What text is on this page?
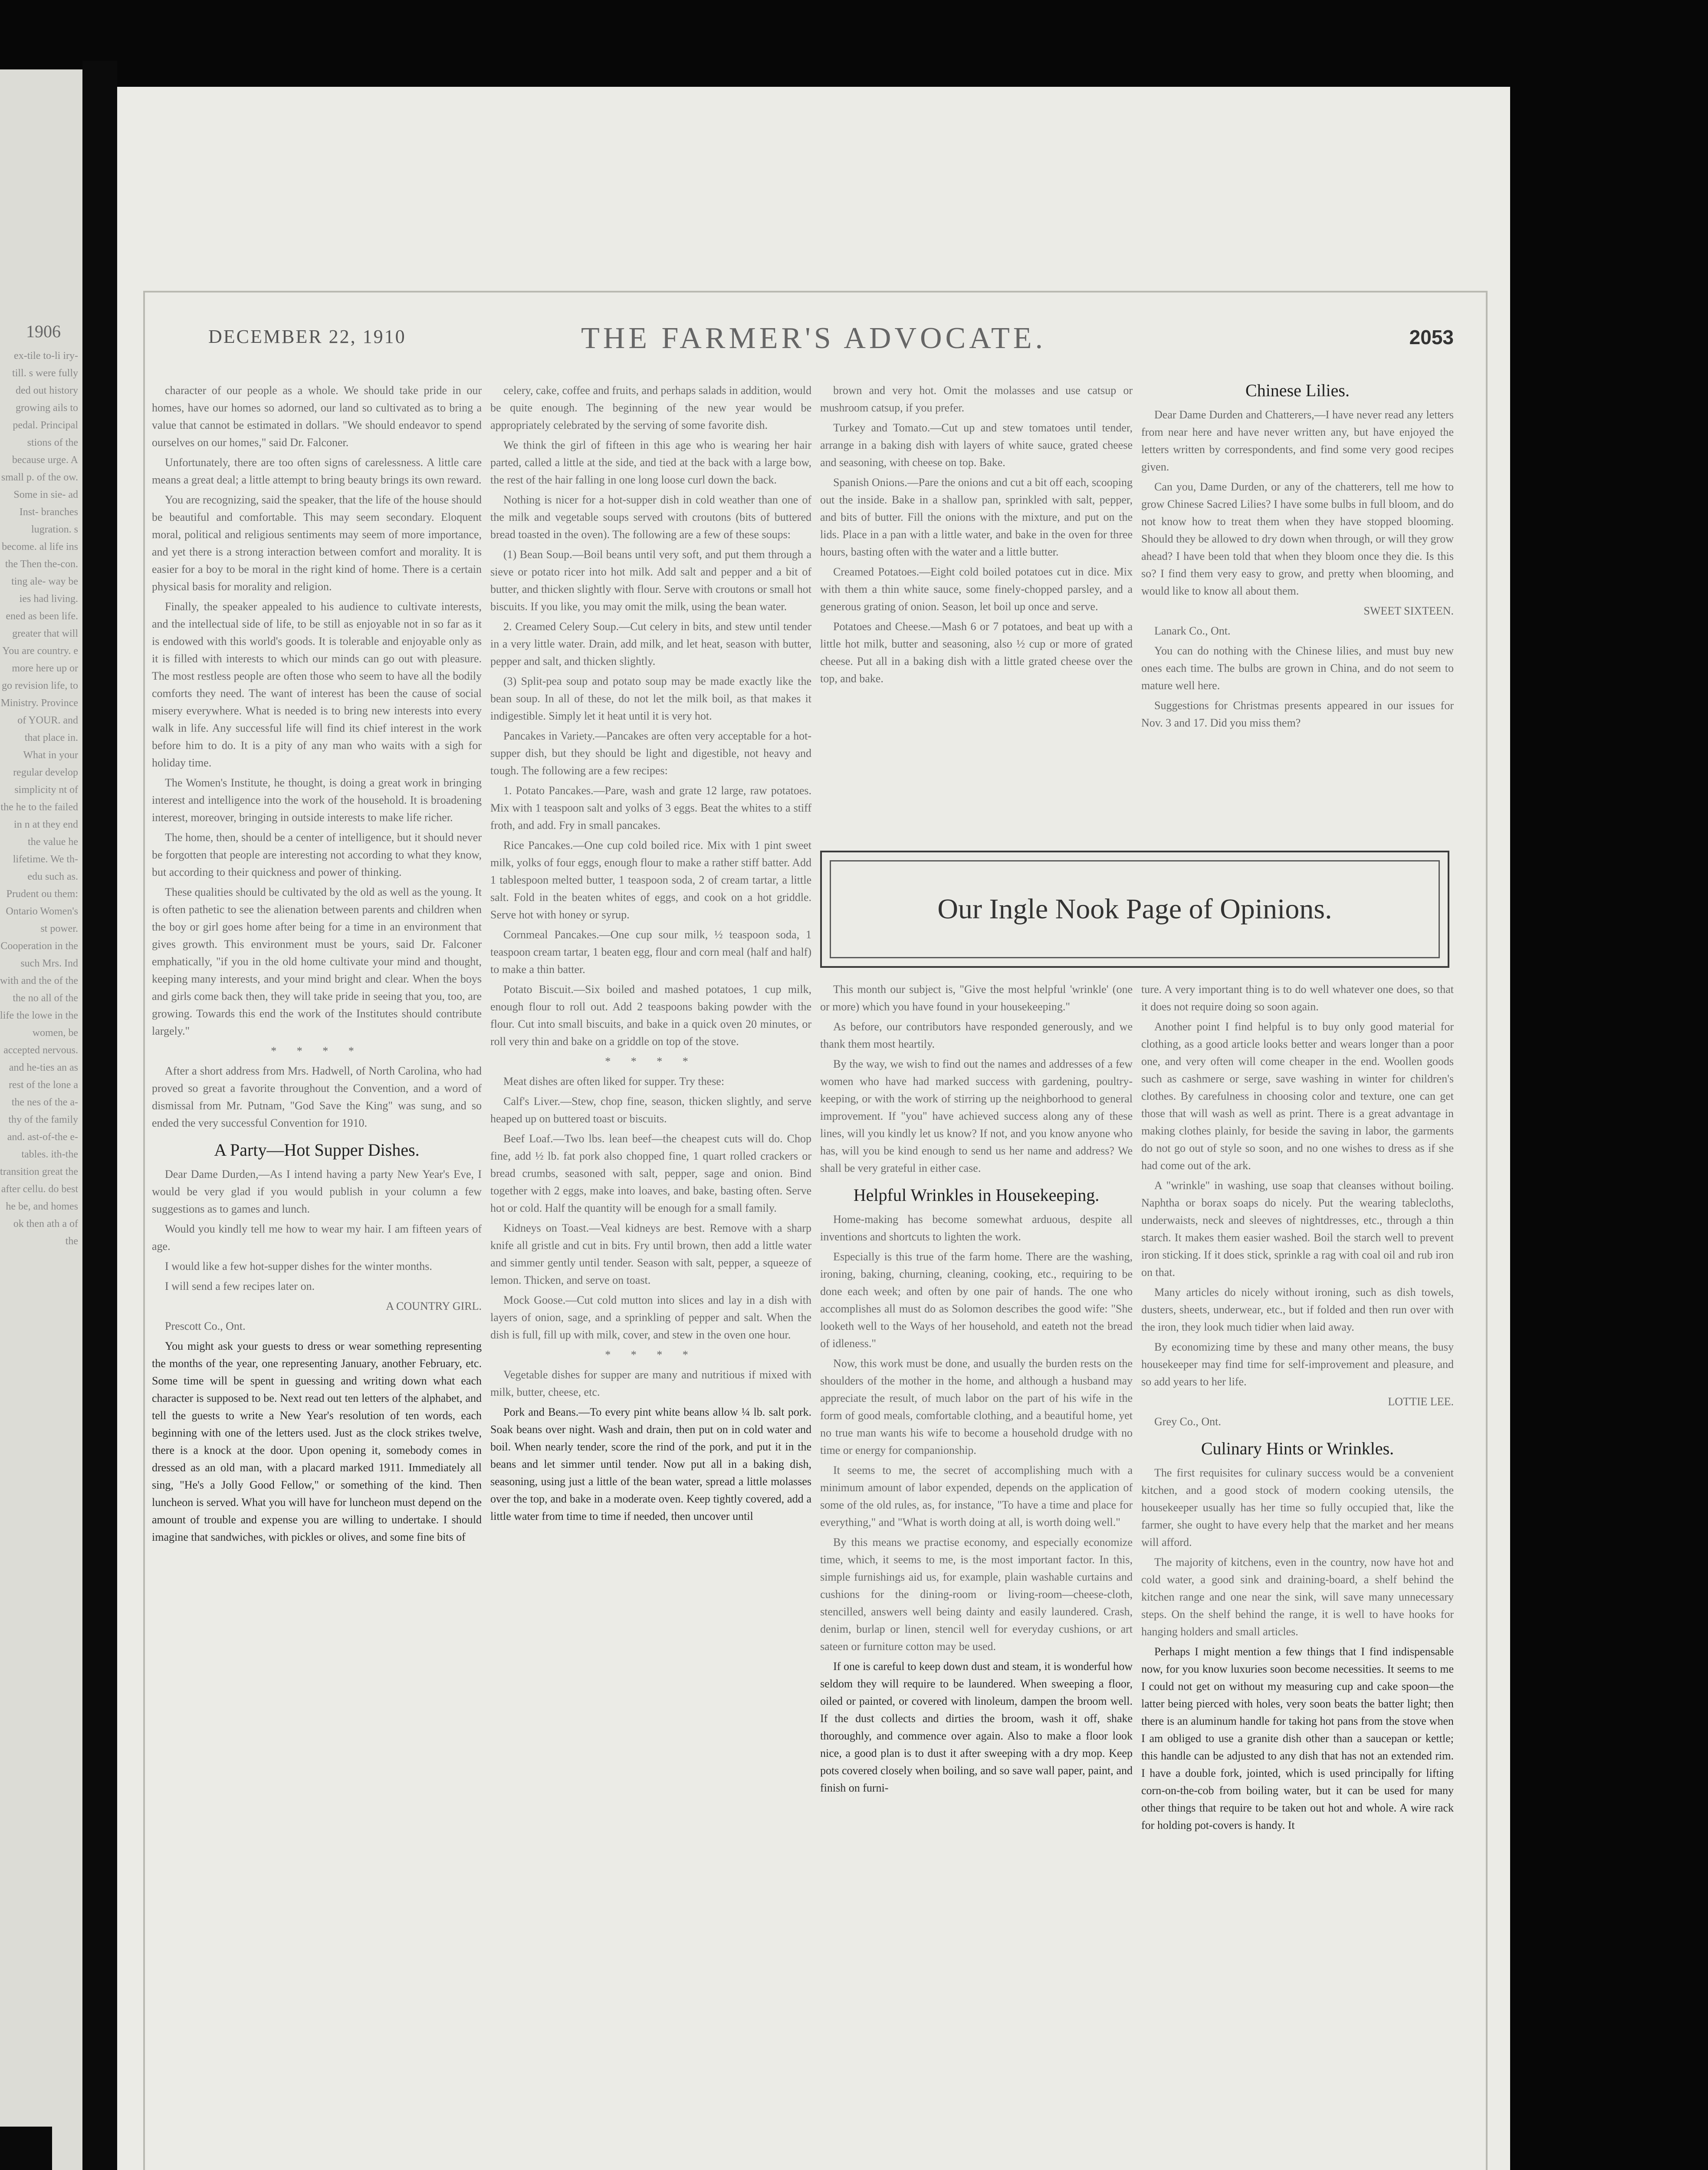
1906
ex-tile to-li iry-till. s were fully ded out history growing ails to pedal. Principal stions of the because urge. A small p. of the ow. Some in sie- ad Inst- branches lugration. s become. al life ins the Then the-con. ting ale- way be ies had living. ened as been life. greater that will You are country. e more here up or go revision life, to Ministry. Province of YOUR. and that place in. What in your regular develop simplicity nt of the he to the failed in n at they end the value he lifetime. We th-edu such as. Prudent ou them: Ontario Women's st power. Cooperation in the such Mrs. Ind with and the of the the no all of the life the lowe in the women, be accepted nervous. and he-ties an as rest of the lone a the nes of the a-thy of the family and. ast-of-the e-tables. ith-the transition great the after cellu. do best he be, and homes ok then ath a of the
DECEMBER 22, 1910	THE FARMER'S ADVOCATE.	2053

character of our people as a whole. We should take pride in our homes, have our homes so adorned, our land so cultivated as to bring a value that cannot be estimated in dollars. "We should endeavor to spend ourselves on our homes," said Dr. Falconer.

Unfortunately, there are too often signs of carelessness. A little care means a great deal; a little attempt to bring beauty brings its own reward.

You are recognizing, said the speaker, that the life of the house should be beautiful and comfortable. This may seem secondary. Eloquent moral, political and religious sentiments may seem of more importance, and yet there is a strong interaction between comfort and morality. It is easier for a boy to be moral in the right kind of home. There is a certain physical basis for morality and religion.

Finally, the speaker appealed to his audience to cultivate interests, and the intellectual side of life, to be still as enjoyable not in so far as it is endowed with this world's goods. It is tolerable and enjoyable only as it is filled with interests to which our minds can go out with pleasure. The most restless people are often those who seem to have all the bodily comforts they need. The want of interest has been the cause of social misery everywhere. What is needed is to bring new interests into every walk in life. Any successful life will find its chief interest in the work before him to do. It is a pity of any man who waits with a sigh for holiday time.

The Women's Institute, he thought, is doing a great work in bringing interest and intelligence into the work of the household. It is broadening interest, moreover, bringing in outside interests to make life richer.

The home, then, should be a center of intelligence, but it should never be forgotten that people are interesting not according to what they know, but according to their quickness and power of thinking.

These qualities should be cultivated by the old as well as the young. It is often pathetic to see the alienation between parents and children when the boy or girl goes home after being for a time in an environment that gives growth. This environment must be yours, said Dr. Falconer emphatically, "if you in the old home cultivate your mind and thought, keeping many interests, and your mind bright and clear. When the boys and girls come back then, they will take pride in seeing that you, too, are growing. Towards this end the work of the Institutes should contribute largely."

* * * *

After a short address from Mrs. Hadwell, of North Carolina, who had proved so great a favorite throughout the Convention, and a word of dismissal from Mr. Putnam, "God Save the King" was sung, and so ended the very successful Convention for 1910.

A Party—Hot Supper Dishes.

Dear Dame Durden,—As I intend having a party New Year's Eve, I would be very glad if you would publish in your column a few suggestions as to games and lunch.

Would you kindly tell me how to wear my hair. I am fifteen years of age.

I would like a few hot-supper dishes for the winter months.

I will send a few recipes later on.

A COUNTRY GIRL.

Prescott Co., Ont.

You might ask your guests to dress or wear something representing the months of the year, one representing January, another February, etc. Some time will be spent in guessing and writing down what each character is supposed to be. Next read out ten letters of the alphabet, and tell the guests to write a New Year's resolution of ten words, each beginning with one of the letters used. Just as the clock strikes twelve, there is a knock at the door. Upon opening it, somebody comes in dressed as an old man, with a placard marked 1911. Immediately all sing, "He's a Jolly Good Fellow," or something of the kind. Then luncheon is served. What you will have for luncheon must depend on the amount of trouble and expense you are willing to undertake. I should imagine that sandwiches, with pickles or olives, and some fine bits of

celery, cake, coffee and fruits, and perhaps salads in addition, would be quite enough. The beginning of the new year would be appropriately celebrated by the serving of some favorite dish.

We think the girl of fifteen in this age who is wearing her hair parted, called a little at the side, and tied at the back with a large bow, the rest of the hair falling in one long loose curl down the back.

Nothing is nicer for a hot-supper dish in cold weather than one of the milk and vegetable soups served with croutons (bits of buttered bread toasted in the oven). The following are a few of these soups:

(1) Bean Soup.—Boil beans until very soft, and put them through a sieve or potato ricer into hot milk. Add salt and pepper and a bit of butter, and thicken slightly with flour. Serve with croutons or small hot biscuits. If you like, you may omit the milk, using the bean water.

2. Creamed Celery Soup.—Cut celery in bits, and stew until tender in a very little water. Drain, add milk, and let heat, season with butter, pepper and salt, and thicken slightly.

(3) Split-pea soup and potato soup may be made exactly like the bean soup. In all of these, do not let the milk boil, as that makes it indigestible. Simply let it heat until it is very hot.

Pancakes in Variety.—Pancakes are often very acceptable for a hot-supper dish, but they should be light and digestible, not heavy and tough. The following are a few recipes:

1. Potato Pancakes.—Pare, wash and grate 12 large, raw potatoes. Mix with 1 teaspoon salt and yolks of 3 eggs. Beat the whites to a stiff froth, and add. Fry in small pancakes.

Rice Pancakes.—One cup cold boiled rice. Mix with 1 pint sweet milk, yolks of four eggs, enough flour to make a rather stiff batter. Add 1 tablespoon melted butter, 1 teaspoon soda, 2 of cream tartar, a little salt. Fold in the beaten whites of eggs, and cook on a hot griddle. Serve hot with honey or syrup.

Cornmeal Pancakes.—One cup sour milk, ½ teaspoon soda, 1 teaspoon cream tartar, 1 beaten egg, flour and corn meal (half and half) to make a thin batter.

Potato Biscuit.—Six boiled and mashed potatoes, 1 cup milk, enough flour to roll out. Add 2 teaspoons baking powder with the flour. Cut into small biscuits, and bake in a quick oven 20 minutes, or roll very thin and bake on a griddle on top of the stove.

* * * *

Meat dishes are often liked for supper. Try these:

Calf's Liver.—Stew, chop fine, season, thicken slightly, and serve heaped up on buttered toast or biscuits.

Beef Loaf.—Two lbs. lean beef—the cheapest cuts will do. Chop fine, add ½ lb. fat pork also chopped fine, 1 quart rolled crackers or bread crumbs, seasoned with salt, pepper, sage and onion. Bind together with 2 eggs, make into loaves, and bake, basting often. Serve hot or cold. Half the quantity will be enough for a small family.

Kidneys on Toast.—Veal kidneys are best. Remove with a sharp knife all gristle and cut in bits. Fry until brown, then add a little water and simmer gently until tender. Season with salt, pepper, a squeeze of lemon. Thicken, and serve on toast.

Mock Goose.—Cut cold mutton into slices and lay in a dish with layers of onion, sage, and a sprinkling of pepper and salt. When the dish is full, fill up with milk, cover, and stew in the oven one hour.

* * * *

Vegetable dishes for supper are many and nutritious if mixed with milk, butter, cheese, etc.

Pork and Beans.—To every pint white beans allow ¼ lb. salt pork. Soak beans over night. Wash and drain, then put on in cold water and boil. When nearly tender, score the rind of the pork, and put it in the beans and let simmer until tender. Now put all in a baking dish, seasoning, using just a little of the bean water, spread a little molasses over the top, and bake in a moderate oven. Keep tightly covered, add a little water from time to time if needed, then uncover until

brown and very hot. Omit the molasses and use catsup or mushroom catsup, if you prefer.

Turkey and Tomato.—Cut up and stew tomatoes until tender, arrange in a baking dish with layers of white sauce, grated cheese and seasoning, with cheese on top. Bake.

Spanish Onions.—Pare the onions and cut a bit off each, scooping out the inside. Bake in a shallow pan, sprinkled with salt, pepper, and bits of butter. Fill the onions with the mixture, and put on the lids. Place in a pan with a little water, and bake in the oven for three hours, basting often with the water and a little butter.

Creamed Potatoes.—Eight cold boiled potatoes cut in dice. Mix with them a thin white sauce, some finely-chopped parsley, and a generous grating of onion. Season, let boil up once and serve.

Potatoes and Cheese.—Mash 6 or 7 potatoes, and beat up with a little hot milk, butter and seasoning, also ½ cup or more of grated cheese. Put all in a baking dish with a little grated cheese over the top, and bake.

Chinese Lilies.

Dear Dame Durden and Chatterers,—I have never read any letters from near here and have never written any, but have enjoyed the letters written by correspondents, and find some very good recipes given.

Can you, Dame Durden, or any of the chatterers, tell me how to grow Chinese Sacred Lilies? I have some bulbs in full bloom, and do not know how to treat them when they have stopped blooming. Should they be allowed to dry down when through, or will they grow ahead? I have been told that when they bloom once they die. Is this so? I find them very easy to grow, and pretty when blooming, and would like to know all about them.

SWEET SIXTEEN.

Lanark Co., Ont.

You can do nothing with the Chinese lilies, and must buy new ones each time. The bulbs are grown in China, and do not seem to mature well here.

Suggestions for Christmas presents appeared in our issues for Nov. 3 and 17. Did you miss them?

Our Ingle Nook Page of Opinions.

This month our subject is, "Give the most helpful 'wrinkle' (one or more) which you have found in your housekeeping."

As before, our contributors have responded generously, and we thank them most heartily.

By the way, we wish to find out the names and addresses of a few women who have had marked success with gardening, poultry-keeping, or with the work of stirring up the neighborhood to general improvement. If "you" have achieved success along any of these lines, will you kindly let us know? If not, and you know anyone who has, will you be kind enough to send us her name and address? We shall be very grateful in either case.

Helpful Wrinkles in Housekeeping.

Home-making has become somewhat arduous, despite all inventions and shortcuts to lighten the work.

Especially is this true of the farm home. There are the washing, ironing, baking, churning, cleaning, cooking, etc., requiring to be done each week; and often by one pair of hands. The one who accomplishes all must do as Solomon describes the good wife: "She looketh well to the Ways of her household, and eateth not the bread of idleness."

Now, this work must be done, and usually the burden rests on the shoulders of the mother in the home, and although a husband may appreciate the result, of much labor on the part of his wife in the form of good meals, comfortable clothing, and a beautiful home, yet no true man wants his wife to become a household drudge with no time or energy for companionship.

It seems to me, the secret of accomplishing much with a minimum amount of labor expended, depends on the application of some of the old rules, as, for instance, "To have a time and place for everything," and "What is worth doing at all, is worth doing well."

By this means we practise economy, and especially economize time, which, it seems to me, is the most important factor. In this, simple furnishings aid us, for example, plain washable curtains and cushions for the dining-room or living-room—cheese-cloth, stencilled, answers well being dainty and easily laundered. Crash, denim, burlap or linen, stencil well for everyday cushions, or art sateen or furniture cotton may be used.

If one is careful to keep down dust and steam, it is wonderful how seldom they will require to be laundered. When sweeping a floor, oiled or painted, or covered with linoleum, dampen the broom well. If the dust collects and dirties the broom, wash it off, shake thoroughly, and commence over again. Also to make a floor look nice, a good plan is to dust it after sweeping with a dry mop. Keep pots covered closely when boiling, and so save wall paper, paint, and finish on furni-

ture. A very important thing is to do well whatever one does, so that it does not require doing so soon again.

Another point I find helpful is to buy only good material for clothing, as a good article looks better and wears longer than a poor one, and very often will come cheaper in the end. Woollen goods such as cashmere or serge, save washing in winter for children's clothes. By carefulness in choosing color and texture, one can get those that will wash as well as print. There is a great advantage in making clothes plainly, for beside the saving in labor, the garments do not go out of style so soon, and no one wishes to dress as if she had come out of the ark.

A "wrinkle" in washing, use soap that cleanses without boiling. Naphtha or borax soaps do nicely. Put the wearing tablecloths, underwaists, neck and sleeves of nightdresses, etc., through a thin starch. It makes them easier washed. Boil the starch well to prevent iron sticking. If it does stick, sprinkle a rag with coal oil and rub iron on that.

Many articles do nicely without ironing, such as dish towels, dusters, sheets, underwear, etc., but if folded and then run over with the iron, they look much tidier when laid away.

By economizing time by these and many other means, the busy housekeeper may find time for self-improvement and pleasure, and so add years to her life.

LOTTIE LEE.

Grey Co., Ont.

Culinary Hints or Wrinkles.

The first requisites for culinary success would be a convenient kitchen, and a good stock of modern cooking utensils, the housekeeper usually has her time so fully occupied that, like the farmer, she ought to have every help that the market and her means will afford.

The majority of kitchens, even in the country, now have hot and cold water, a good sink and draining-board, a shelf behind the kitchen range and one near the sink, will save many unnecessary steps. On the shelf behind the range, it is well to have hooks for hanging holders and small articles.

Perhaps I might mention a few things that I find indispensable now, for you know luxuries soon become necessities. It seems to me I could not get on without my measuring cup and cake spoon—the latter being pierced with holes, very soon beats the batter light; then there is an aluminum handle for taking hot pans from the stove when I am obliged to use a granite dish other than a saucepan or kettle; this handle can be adjusted to any dish that has not an extended rim. I have a double fork, jointed, which is used principally for lifting corn-on-the-cob from boiling water, but it can be used for many other things that require to be taken out hot and whole. A wire rack for holding pot-covers is handy. It
